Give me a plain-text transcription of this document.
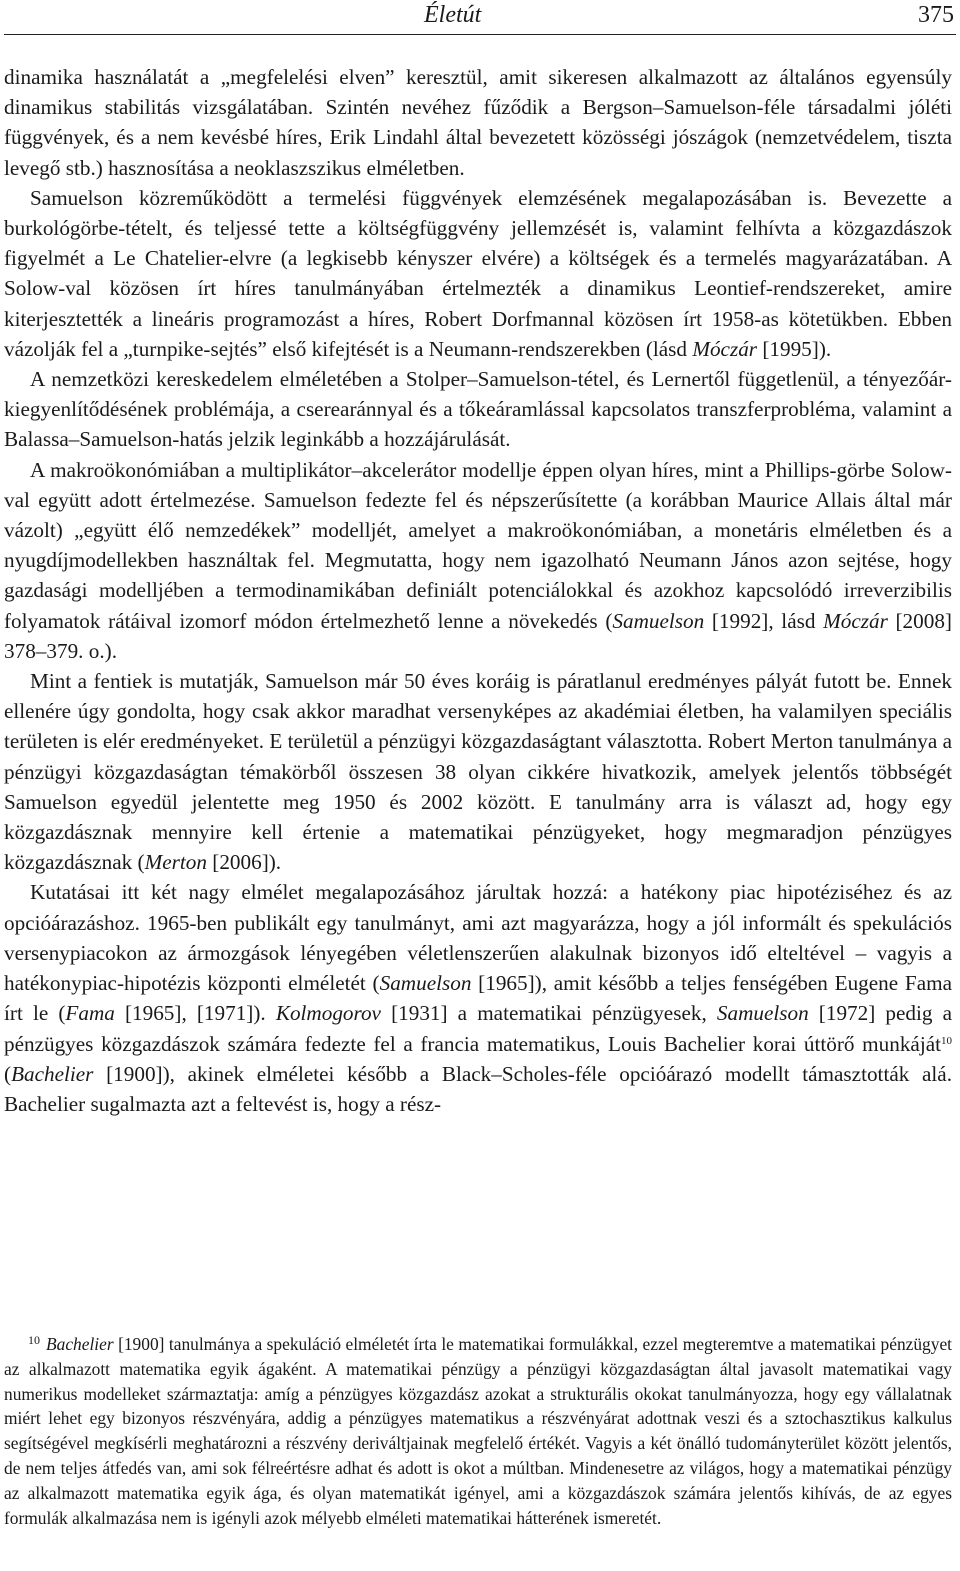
Életút	375

dinamika használatát a „megfelelési elven” keresztül, amit sikeresen alkalmazott az általános egyensúly dinamikus stabilitás vizsgálatában. Szintén nevéhez fűződik a Bergson–Samuelson-féle társadalmi jóléti függvények, és a nem kevésbé híres, Erik Lindahl által bevezetett közösségi jószágok (nemzetvédelem, tiszta levegő stb.) hasznosítása a neoklaszszikus elméletben.

Samuelson közreműködött a termelési függvények elemzésének megalapozásában is. Bevezette a burkológörbe-tételt, és teljessé tette a költségfüggvény jellemzését is, valamint felhívta a közgazdászok figyelmét a Le Chatelier-elvre (a legkisebb kényszer elvére) a költségek és a termelés magyarázatában. A Solow-val közösen írt híres tanulmányában értelmezték a dinamikus Leontief-rendszereket, amire kiterjesztették a lineáris programozást a híres, Robert Dorfmannal közösen írt 1958-as kötetükben. Ebben vázolják fel a „turnpike-sejtés” első kifejtését is a Neumann-rendszerekben (lásd Móczár [1995]).

A nemzetközi kereskedelem elméletében a Stolper–Samuelson-tétel, és Lernertől függetlenül, a tényezőár-kiegyenlítődésének problémája, a cserearánnyal és a tőkeáramlással kapcsolatos transzferprobléma, valamint a Balassa–Samuelson-hatás jelzik leginkább a hozzájárulását.

A makroökonómiában a multiplikátor–akcelerátor modellje éppen olyan híres, mint a Phillips-görbe Solow-val együtt adott értelmezése. Samuelson fedezte fel és népszerűsítette (a korábban Maurice Allais által már vázolt) „együtt élő nemzedékek” modelljét, amelyet a makroökonómiában, a monetáris elméletben és a nyugdíjmodellekben használtak fel. Megmutatta, hogy nem igazolható Neumann János azon sejtése, hogy gazdasági modelljében a termodinamikában definiált potenciálokkal és azokhoz kapcsolódó irreverzibilis folyamatok rátáival izomorf módon értelmezhető lenne a növekedés (Samuelson [1992], lásd Móczár [2008] 378–379. o.).

Mint a fentiek is mutatják, Samuelson már 50 éves koráig is páratlanul eredményes pályát futott be. Ennek ellenére úgy gondolta, hogy csak akkor maradhat versenyképes az akadémiai életben, ha valamilyen speciális területen is elér eredményeket. E területül a pénzügyi közgazdaságtant választotta. Robert Merton tanulmánya a pénzügyi közgazdaságtan témakörből összesen 38 olyan cikkére hivatkozik, amelyek jelentős többségét Samuelson egyedül jelentette meg 1950 és 2002 között. E tanulmány arra is választ ad, hogy egy közgazdásznak mennyire kell értenie a matematikai pénzügyeket, hogy megmaradjon pénzügyes közgazdásznak (Merton [2006]).

Kutatásai itt két nagy elmélet megalapozásához járultak hozzá: a hatékony piac hipotéziséhez és az opcióárazáshoz. 1965-ben publikált egy tanulmányt, ami azt magyarázza, hogy a jól informált és spekulációs versenypiacokon az ármozgások lényegében véletlenszerűen alakulnak bizonyos idő elteltével – vagyis a hatékonypiac-hipotézis központi elméletét (Samuelson [1965]), amit később a teljes fenségében Eugene Fama írt le (Fama [1965], [1971]). Kolmogorov [1931] a matematikai pénzügyesek, Samuelson [1972] pedig a pénzügyes közgazdászok számára fedezte fel a francia matematikus, Louis Bachelier korai úttörő munkáját$^{10}$ (Bachelier [1900]), akinek elméletei később a Black–Scholes-féle opcióárazó modellt támasztották alá. Bachelier sugalmazta azt a feltevést is, hogy a rész-

$^{10}$ Bachelier [1900] tanulmánya a spekuláció elméletét írta le matematikai formulákkal, ezzel megteremtve a matematikai pénzügyet az alkalmazott matematika egyik ágaként. A matematikai pénzügy a pénzügyi közgazdaságtan által javasolt matematikai vagy numerikus modelleket származtatja: amíg a pénzügyes közgazdász azokat a strukturális okokat tanulmányozza, hogy egy vállalatnak miért lehet egy bizonyos részvényára, addig a pénzügyes matematikus a részvényárat adottnak veszi és a sztochasztikus kalkulus segítségével megkísérli meghatározni a részvény deriváltjainak megfelelő értékét. Vagyis a két önálló tudományterület között jelentős, de nem teljes átfedés van, ami sok félreértésre adhat és adott is okot a múltban. Mindenesetre az világos, hogy a matematikai pénzügy az alkalmazott matematika egyik ága, és olyan matematikát igényel, ami a közgazdászok számára jelentős kihívás, de az egyes formulák alkalmazása nem is igényli azok mélyebb elméleti matematikai hátterének ismeretét.
